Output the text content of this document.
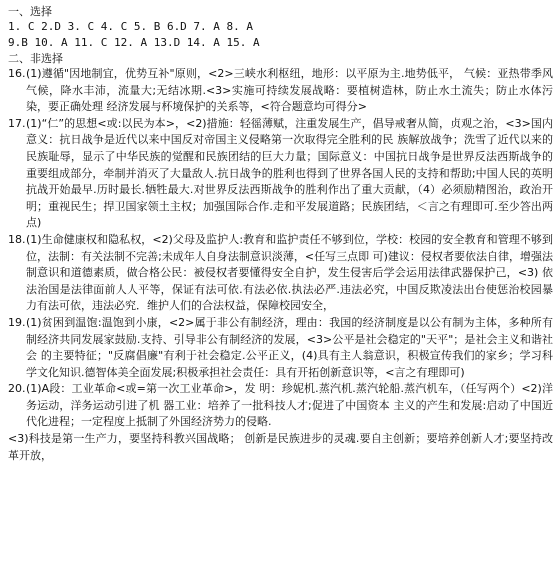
一、选择

1. C 2.D 3. C 4. C 5. B 6.D 7. A 8. A

9.B 10. A 11. C 12. A 13.D 14. A 15. A

二、非选择

16. (1)遵循"因地制宜，优势互补"原则，<2>三峡水利枢纽，地形：以平原为主.地势低平， 气候：亚热带季风气候，降水丰沛，流量大;无结冰期.<3>实施可持续发展战略：要植树造林，防止水土流失；防止水体污染，要正确处理 经济发展与杯境保护的关系等，<符合题意均可得分>
17. (1)“仁”的思想<或:以民为本>，<2)措施：轻徭薄赋，注重发展生产，倡导戒奢从简，贞观之治，<3>国内意义：抗日战争是近代以来中国反对帝国主义侵略第一次取得完全胜利的民 族解放战争；洗雪了近代以来的民族耻辱，显示了中华民族的觉醒和民族团结的巨大力量；国际意义：中国抗日战争是世界反法西斯战争的重要组成部分，牵制并消灭了大量敌人.抗日战争的胜利也得到了世界各国人民的支持和帮助;中国人民的英明抗战开始最早.历时最长.牺牲最大.对世界反法西斯战争的胜利作出了重大贡献，（4）必须励精图治，政治开明；重视民生；捍卫国家领土主权；加强国际合作.走和平发展道路；民族团结，＜言之有理即可.至少答出两点)
18. (1)生命健康权和隐私权，<2)父母及监护人:教育和监护责任不够到位，学校：校园的安全教育和管理不够到位，法制：有关法制不完善;未成年人自身法制意识淡薄，<任写三点即 可)建议：侵权者要依法自律，增强法制意识和道德素质，做合格公民：被侵权者要懂得安全自护，发生侵害后学会运用法律武器保护己，<3) 依法治国是法律面前人人平等，保证有法可依.有法必依.执法必严.违法必究，中国反欺凌法出台使惩治校园暴力有法可依，违法必究．维护人们的合法权益，保障校园安全，
19. (1)贫困到温饱:温饱到小康，<2>属于非公有制经济，理由：我国的经济制度是以公有制为主体，多种所有制经济共同发展家鼓励.支持、引导非公有制经济的发展，<3>公平是社会稳定的"天平"；是社会主义和谐社会 的主要特征；"反腐倡廉"有利于社会稳定.公平正义，(4)具有主人翁意识，积极宣传我们的家乡；学习科学文化知识.德智体美全面发展;积极承担社会责任：具有开拓创新意识等，<言之有理即可)
20. (1)A段：工业革命<或=第一次工业革命>，发 明：珍妮机.蒸汽机.蒸汽轮船.蒸汽机车，（任写两个）<2)洋务运动，洋务运动引进了机 器工业：培养了一批科技人才;促进了中国资本 主义的产生和发展:启动了中国近代化进程；一定程度上抵制了外国经济势力的侵略.
<3)科技是第一生产力，要坚持科教兴国战略； 创新是民族进步的灵魂.要自主创新；要培养创新人才;要坚持改革开放，
